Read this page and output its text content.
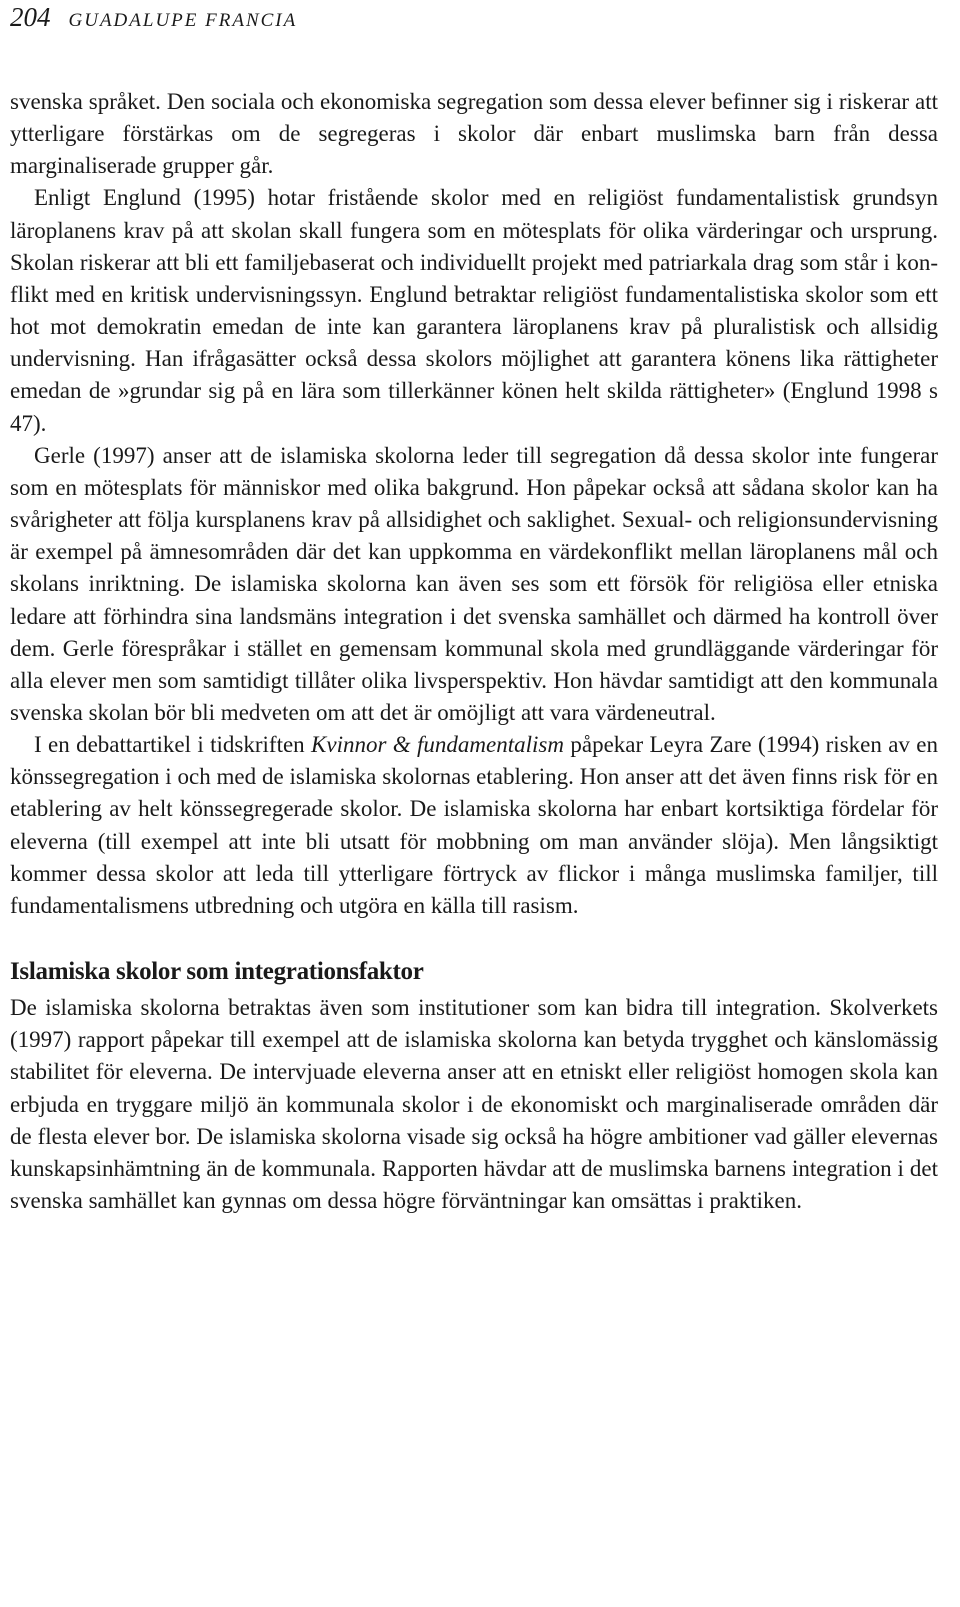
204 GUADALUPE FRANCIA

svenska språket. Den sociala och ekonomiska segregation som dessa elever befinner sig i riskerar att ytterligare förstärkas om de segregeras i skolor där enbart muslimska barn från dessa marginaliserade grupper går.

Enligt Englund (1995) hotar fristående skolor med en religiöst fundamentalistisk grundsyn läroplanens krav på att skolan skall fungera som en mötesplats för olika värderingar och ursprung. Skolan riskerar att bli ett familjebaserat och individuellt projekt med patriarkala drag som står i konflikt med en kritisk undervisningssyn. Englund betraktar religiöst fundamentalistiska skolor som ett hot mot demokratin emedan de inte kan garantera läroplanens krav på pluralistisk och allsidig undervisning. Han ifrågasätter också dessa skolors möjlighet att garantera könens lika rättigheter emedan de »grundar sig på en lära som tillerkänner könen helt skilda rättigheter» (Englund 1998 s 47).

Gerle (1997) anser att de islamiska skolorna leder till segregation då dessa skolor inte fungerar som en mötesplats för människor med olika bakgrund. Hon påpekar också att sådana skolor kan ha svårigheter att följa kursplanens krav på allsidighet och saklighet. Sexual- och religionsundervisning är exempel på ämnesområden där det kan uppkomma en värdekonflikt mellan läroplanens mål och skolans inriktning. De islamiska skolorna kan även ses som ett försök för religiösa eller etniska ledare att förhindra sina landsmäns integration i det svenska samhället och därmed ha kontroll över dem. Gerle förespråkar i stället en gemensam kommunal skola med grundläggande värderingar för alla elever men som samtidigt tillåter olika livsperspektiv. Hon hävdar samtidigt att den kommunala svenska skolan bör bli medveten om att det är omöjligt att vara värdeneutral.

I en debattartikel i tidskriften Kvinnor & fundamentalism påpekar Leyra Zare (1994) risken av en könssegregation i och med de islamiska skolornas etablering. Hon anser att det även finns risk för en etablering av helt könssegregerade skolor. De islamiska skolorna har enbart kortsiktiga fördelar för eleverna (till exempel att inte bli utsatt för mobbning om man använder slöja). Men långsiktigt kommer dessa skolor att leda till ytterligare förtryck av flickor i många muslimska familjer, till fundamentalismens utbredning och utgöra en källa till rasism.

Islamiska skolor som integrationsfaktor

De islamiska skolorna betraktas även som institutioner som kan bidra till integration. Skolverkets (1997) rapport påpekar till exempel att de islamiska skolorna kan betyda trygghet och känslomässig stabilitet för eleverna. De intervjuade eleverna anser att en etniskt eller religiöst homogen skola kan erbjuda en tryggare miljö än kommunala skolor i de ekonomiskt och marginaliserade områden där de flesta elever bor. De islamiska skolorna visade sig också ha högre ambitioner vad gäller elevernas kunskapsinhämtning än de kommunala. Rapporten hävdar att de muslimska barnens integration i det svenska samhället kan gynnas om dessa högre förväntningar kan omsättas i praktiken.
